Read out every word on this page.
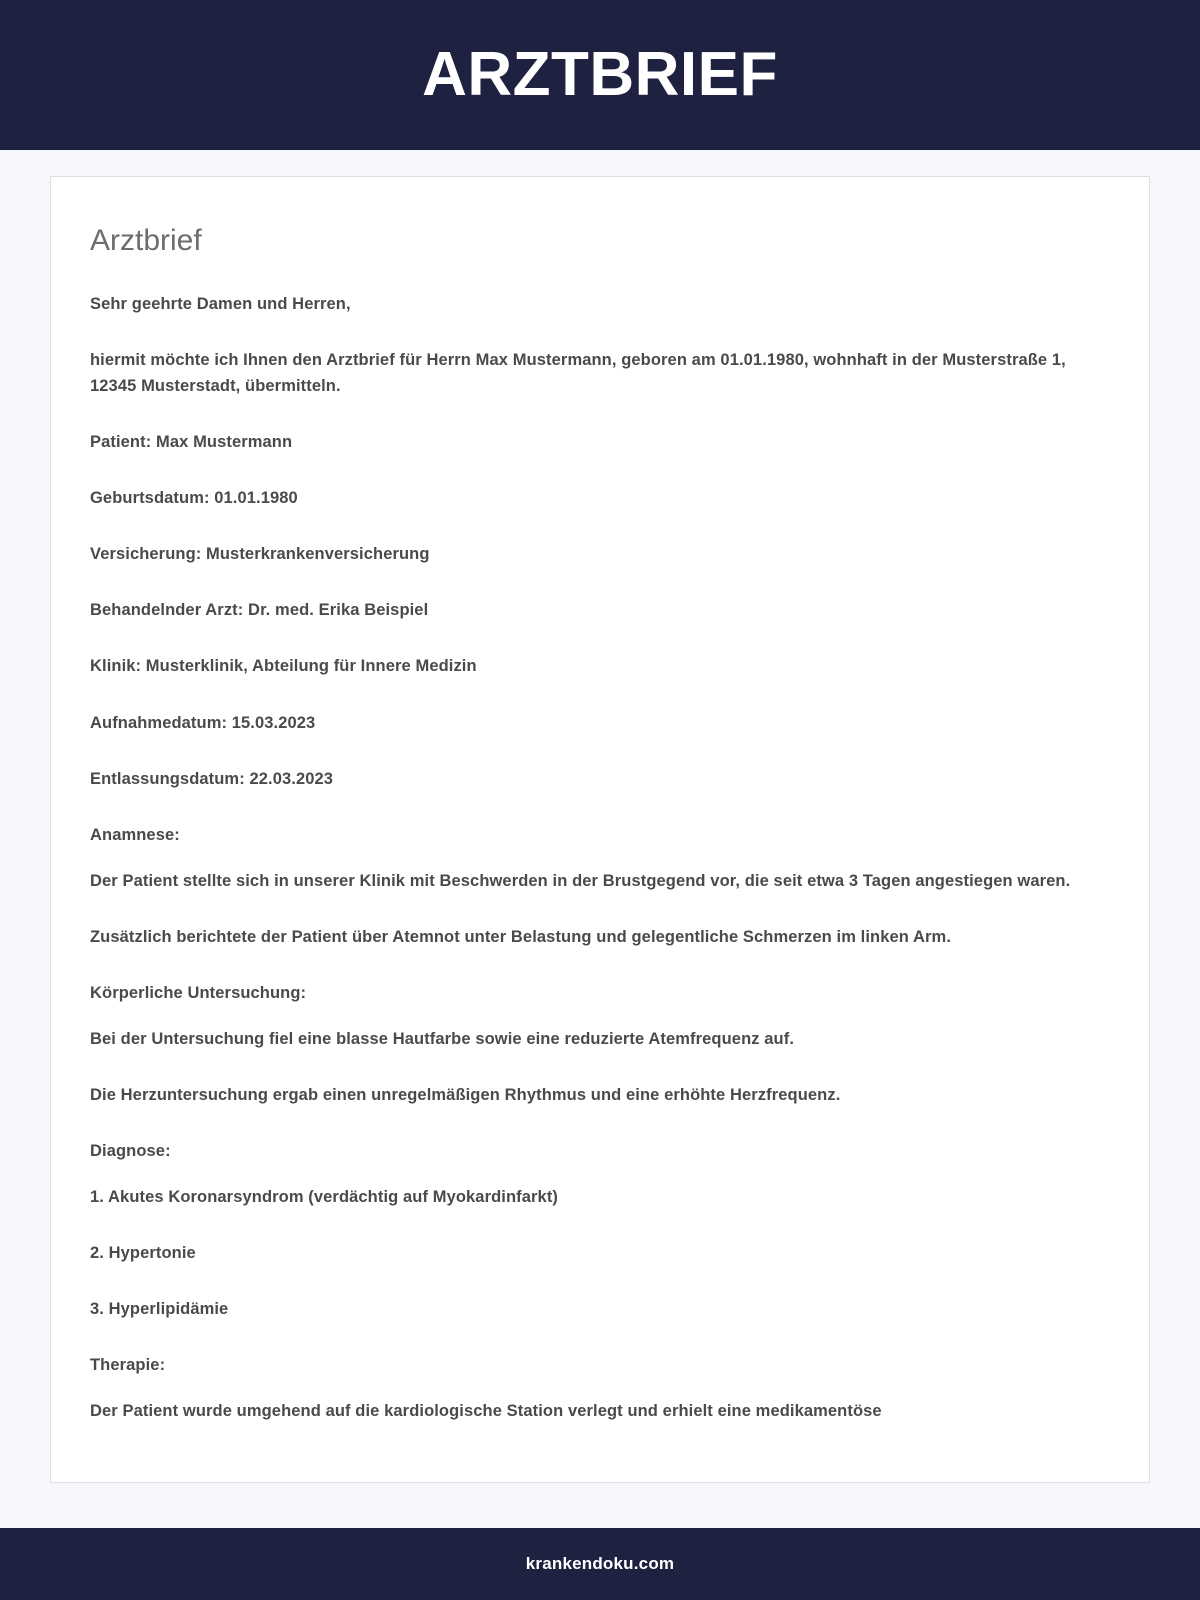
ARZTBRIEF
Arztbrief

Sehr geehrte Damen und Herren,

hiermit möchte ich Ihnen den Arztbrief für Herrn Max Mustermann, geboren am 01.01.1980, wohnhaft in der Musterstraße 1, 12345 Musterstadt, übermitteln.

Patient: Max Mustermann

Geburtsdatum: 01.01.1980

Versicherung: Musterkrankenversicherung

Behandelnder Arzt: Dr. med. Erika Beispiel

Klinik: Musterklinik, Abteilung für Innere Medizin

Aufnahmedatum: 15.03.2023

Entlassungsdatum: 22.03.2023

Anamnese:

Der Patient stellte sich in unserer Klinik mit Beschwerden in der Brustgegend vor, die seit etwa 3 Tagen angestiegen waren.

Zusätzlich berichtete der Patient über Atemnot unter Belastung und gelegentliche Schmerzen im linken Arm.

Körperliche Untersuchung:

Bei der Untersuchung fiel eine blasse Hautfarbe sowie eine reduzierte Atemfrequenz auf.

Die Herzuntersuchung ergab einen unregelmäßigen Rhythmus und eine erhöhte Herzfrequenz.

Diagnose:

1. Akutes Koronarsyndrom (verdächtig auf Myokardinfarkt)

2. Hypertonie

3. Hyperlipidämie

Therapie:

Der Patient wurde umgehend auf die kardiologische Station verlegt und erhielt eine medikamentöse

krankendoku.com
